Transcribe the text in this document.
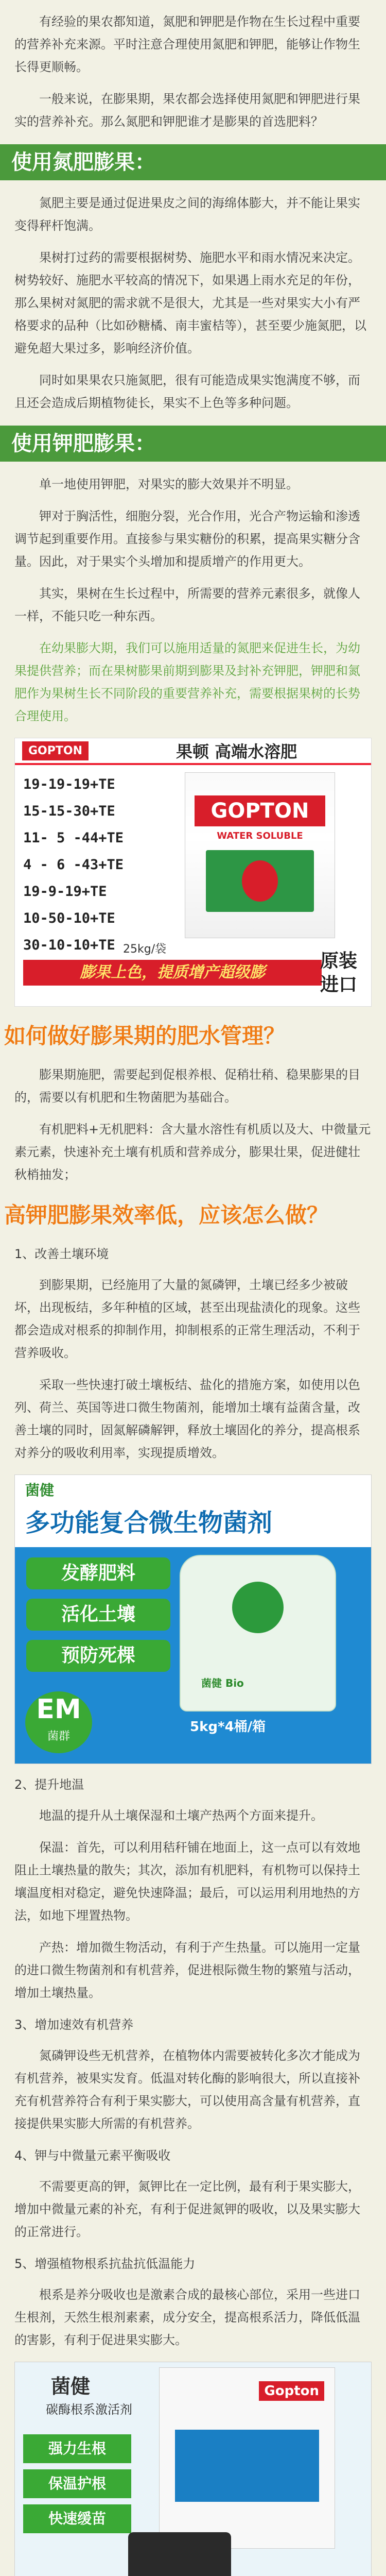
有经验的果农都知道，氮肥和钾肥是作物在生长过程中重要的营养补充来源。平时注意合理使用氮肥和钾肥，能够让作物生长得更顺畅。

一般来说，在膨果期，果农都会选择使用氮肥和钾肥进行果实的营养补充。那么氮肥和钾肥谁才是膨果的首选肥料？

使用氮肥膨果：

氮肥主要是通过促进果皮之间的海绵体膨大，并不能让果实变得秤杆饱满。

果树打过药的需要根据树势、施肥水平和雨水情况来决定。树势较好、施肥水平较高的情况下，如果遇上雨水充足的年份，那么果树对氮肥的需求就不是很大，尤其是一些对果实大小有严格要求的品种（比如砂糖橘、南丰蜜桔等），甚至要少施氮肥，以避免超大果过多，影响经济价值。

同时如果果农只施氮肥，很有可能造成果实饱满度不够，而且还会造成后期植物徒长，果实不上色等多种问题。

使用钾肥膨果：

单一地使用钾肥，对果实的膨大效果并不明显。

钾对于胸活性，细胞分裂，光合作用，光合产物运输和渗透调节起到重要作用。直接参与果实糖份的积累，提高果实糖分含量。因此，对于果实个头增加和提质增产的作用更大。

其实，果树在生长过程中，所需要的营养元素很多，就像人一样，不能只吃一种东西。

在幼果膨大期，我们可以施用适量的氮肥来促进生长，为幼果提供营养；而在果树膨果前期到膨果及封补充钾肥，钾肥和氮肥作为果树生长不同阶段的重要营养补充，需要根据果树的长势合理使用。

GOPTON	果顿 高端水溶肥
19-19-19+TE
15-15-30+TE
11- 5 -44+TE
4 - 6 -43+TE
19-9-19+TE
10-50-10+TE
30-10-10+TE
GOPTON
WATER SOLUBLE
25kg/袋
膨果上色，提质增产超级膨
原装进口
如何做好膨果期的肥水管理？

膨果期施肥，需要起到促根养根、促稍壮稍、稳果膨果的目的，需要以有机肥和生物菌肥为基础合。

有机肥料+无机肥料：含大量水溶性有机质以及大、中微量元素元素，快速补充土壤有机质和营养成分，膨果壮果，促进健壮秋梢抽发；

高钾肥膨果效率低，应该怎么做？
1、改善土壤环境

到膨果期，已经施用了大量的氮磷钾，土壤已经多少被破坏，出现板结，多年种植的区域，甚至出现盐渍化的现象。这些都会造成对根系的抑制作用，抑制根系的正常生理活动，不利于营养吸收。

采取一些快速打破土壤板结、盐化的措施方案，如使用以色列、荷兰、英国等进口微生物菌剂，能增加土壤有益菌含量，改善土壤的同时，固氮解磷解钾，释放土壤固化的养分，提高根系对养分的吸收利用率，实现提质增效。

菌健
多功能复合微生物菌剂
发酵肥料
活化土壤
预防死棵
菌健 Bio
5kg*4桶/箱
EM
菌群
2、提升地温

地温的提升从土壤保湿和土壤产热两个方面来提升。

保温：首先，可以利用秸秆铺在地面上，这一点可以有效地阻止土壤热量的散失；其次，添加有机肥料，有机物可以保持土壤温度相对稳定，避免快速降温；最后，可以运用利用地热的方法，如地下埋置热物。

产热：增加微生物活动，有利于产生热量。可以施用一定量的进口微生物菌剂和有机营养，促进根际微生物的繁殖与活动，增加土壤热量。

3、增加速效有机营养

氮磷钾设些无机营养，在植物体内需要被转化多次才能成为有机营养，被果实发育。低温对转化酶的影响很大，所以直接补充有机营养符合有利于果实膨大，可以使用高含量有机营养，直接提供果实膨大所需的有机营养。

4、钾与中微量元素平衡吸收

不需要更高的钾，氮钾比在一定比例，最有利于果实膨大，增加中微量元素的补充，有利于促进氮钾的吸收，以及果实膨大的正常进行。

5、增强植物根系抗盐抗低温能力

根系是养分吸收也是激素合成的最核心部位，采用一些进口生根剂，天然生根剂素素，成分安全，提高根系活力，降低低温的害影，有利于促进果实膨大。

菌健
碳酶根系激活剂
强力生根
保温护根
快速缓苗
Gopton
